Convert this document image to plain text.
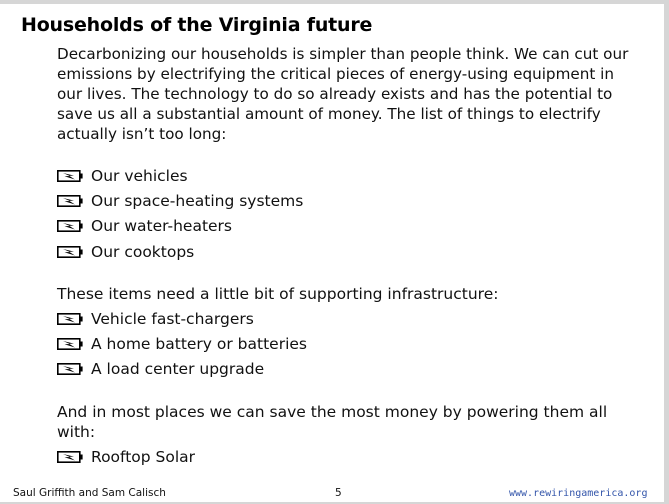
Households of the Virginia future

Decarbonizing our households is simpler than people think. We can cut our emissions by electrifying the critical pieces of energy-using equipment in our lives. The technology to do so already exists and has the potential to save us all a substantial amount of money. The list of things to electrify actually isn’t too long:

Our vehicles
Our space-heating systems
Our water-heaters
Our cooktops

These items need a little bit of supporting infrastructure:

Vehicle fast-chargers
A home battery or batteries
A load center upgrade

And in most places we can save the most money by powering them all with:

Rooftop Solar
Saul Griffith and Sam Calisch	5	www.rewiringamerica.org
